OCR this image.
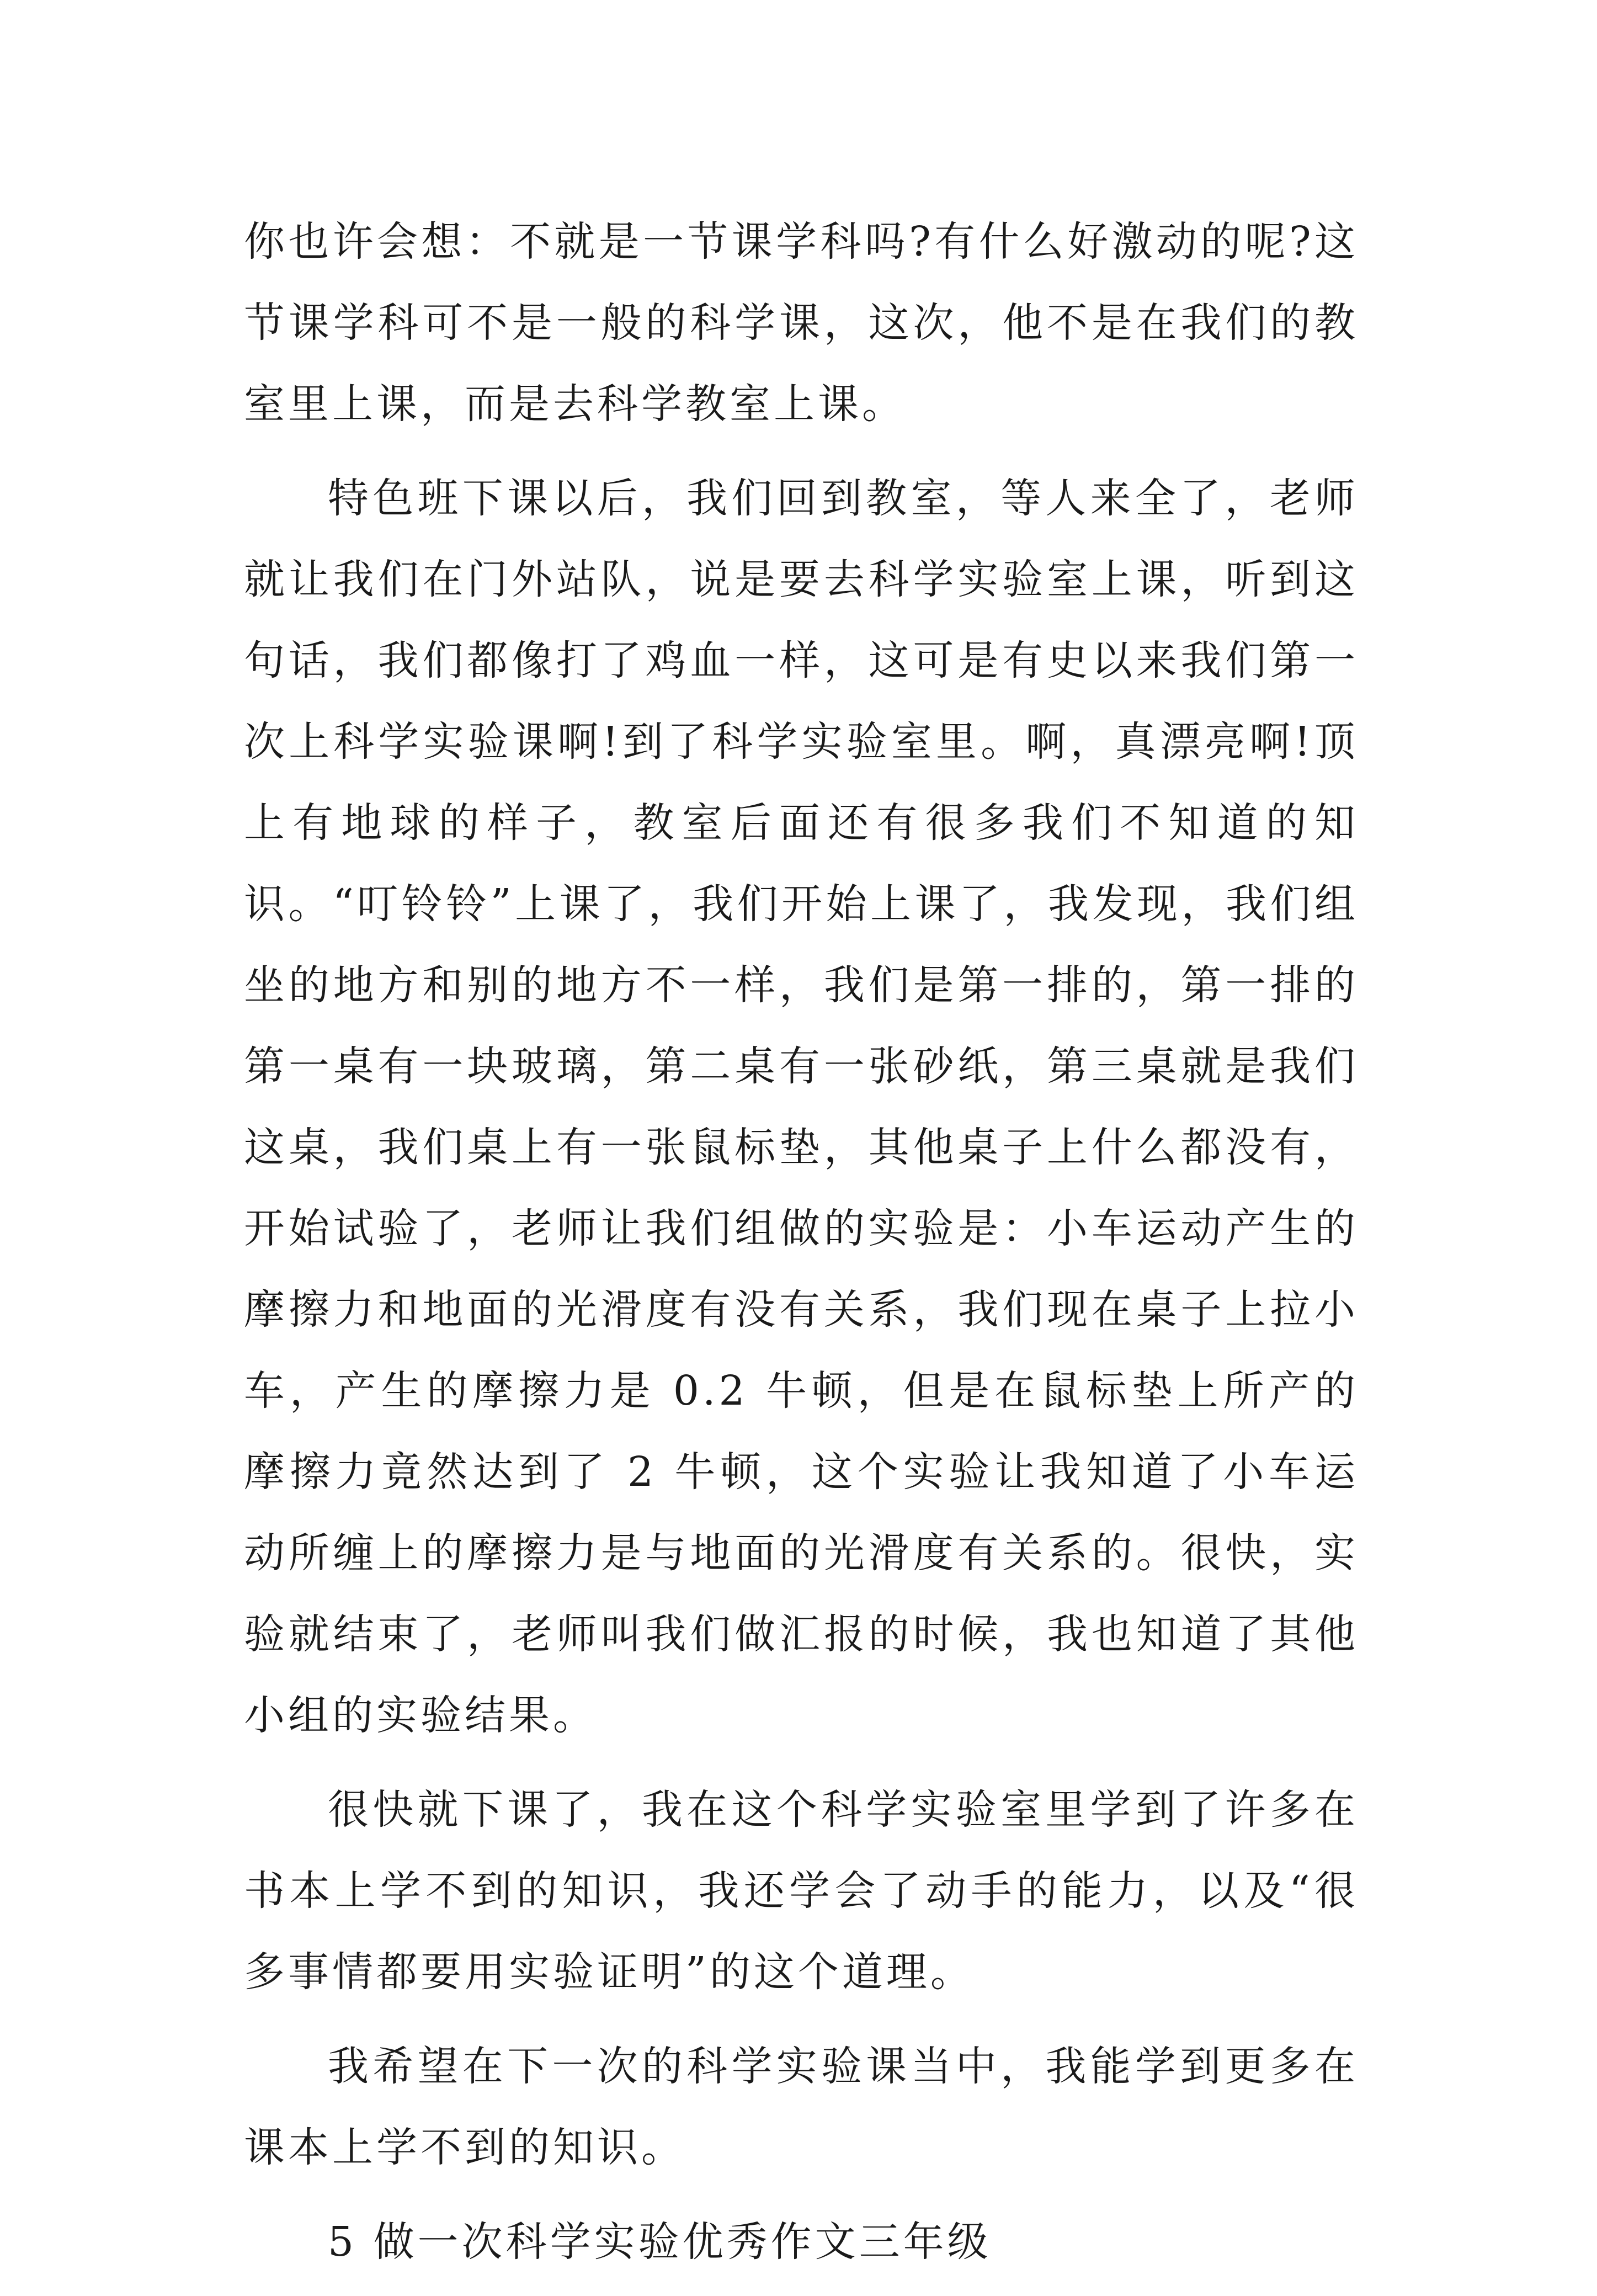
你也许会想：不就是一节课学科吗?有什么好激动的呢?这节课学科可不是一般的科学课，这次，他不是在我们的教室里上课，而是去科学教室上课。

特色班下课以后，我们回到教室，等人来全了，老师就让我们在门外站队，说是要去科学实验室上课，听到这句话，我们都像打了鸡血一样，这可是有史以来我们第一次上科学实验课啊!到了科学实验室里。啊，真漂亮啊!顶上有地球的样子，教室后面还有很多我们不知道的知识。“叮铃铃”上课了，我们开始上课了，我发现，我们组坐的地方和别的地方不一样，我们是第一排的，第一排的第一桌有一块玻璃，第二桌有一张砂纸，第三桌就是我们这桌，我们桌上有一张鼠标垫，其他桌子上什么都没有，开始试验了，老师让我们组做的实验是：小车运动产生的摩擦力和地面的光滑度有没有关系，我们现在桌子上拉小车，产生的摩擦力是 0.2 牛顿，但是在鼠标垫上所产的摩擦力竟然达到了 2 牛顿，这个实验让我知道了小车运动所缠上的摩擦力是与地面的光滑度有关系的。很快，实验就结束了，老师叫我们做汇报的时候，我也知道了其他小组的实验结果。

很快就下课了，我在这个科学实验室里学到了许多在书本上学不到的知识，我还学会了动手的能力，以及“很多事情都要用实验证明”的这个道理。

我希望在下一次的科学实验课当中，我能学到更多在课本上学不到的知识。

5 做一次科学实验优秀作文三年级
